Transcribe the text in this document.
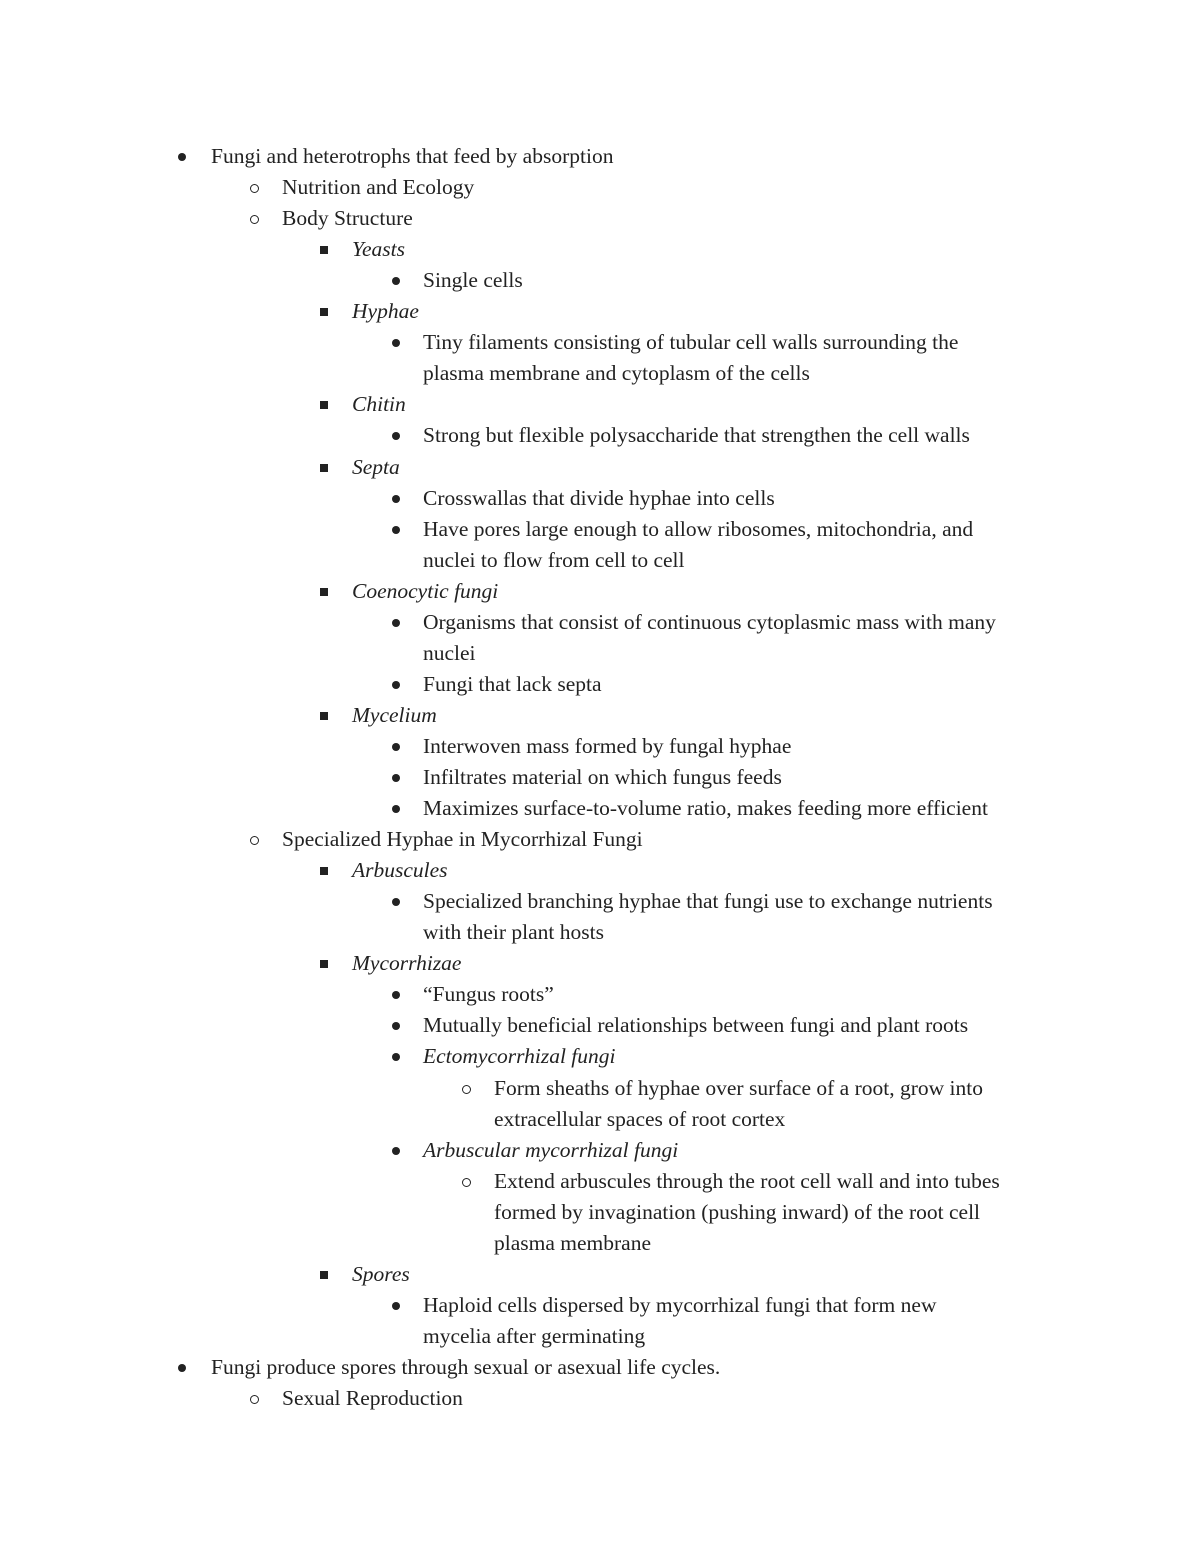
Fungi and heterotrophs that feed by absorption
Nutrition and Ecology
Body Structure
Yeasts
Single cells
Hyphae
Tiny filaments consisting of tubular cell walls surrounding the
plasma membrane and cytoplasm of the cells
Chitin
Strong but flexible polysaccharide that strengthen the cell walls
Septa
Crosswallas that divide hyphae into cells
Have pores large enough to allow ribosomes, mitochondria, and
nuclei to flow from cell to cell
Coenocytic fungi
Organisms that consist of continuous cytoplasmic mass with many
nuclei
Fungi that lack septa
Mycelium
Interwoven mass formed by fungal hyphae
Infiltrates material on which fungus feeds
Maximizes surface-to-volume ratio, makes feeding more efficient
Specialized Hyphae in Mycorrhizal Fungi
Arbuscules
Specialized branching hyphae that fungi use to exchange nutrients
with their plant hosts
Mycorrhizae
“Fungus roots”
Mutually beneficial relationships between fungi and plant roots
Ectomycorrhizal fungi
Form sheaths of hyphae over surface of a root, grow into
extracellular spaces of root cortex
Arbuscular mycorrhizal fungi
Extend arbuscules through the root cell wall and into tubes
formed by invagination (pushing inward) of the root cell
plasma membrane
Spores
Haploid cells dispersed by mycorrhizal fungi that form new
mycelia after germinating
Fungi produce spores through sexual or asexual life cycles.
Sexual Reproduction
